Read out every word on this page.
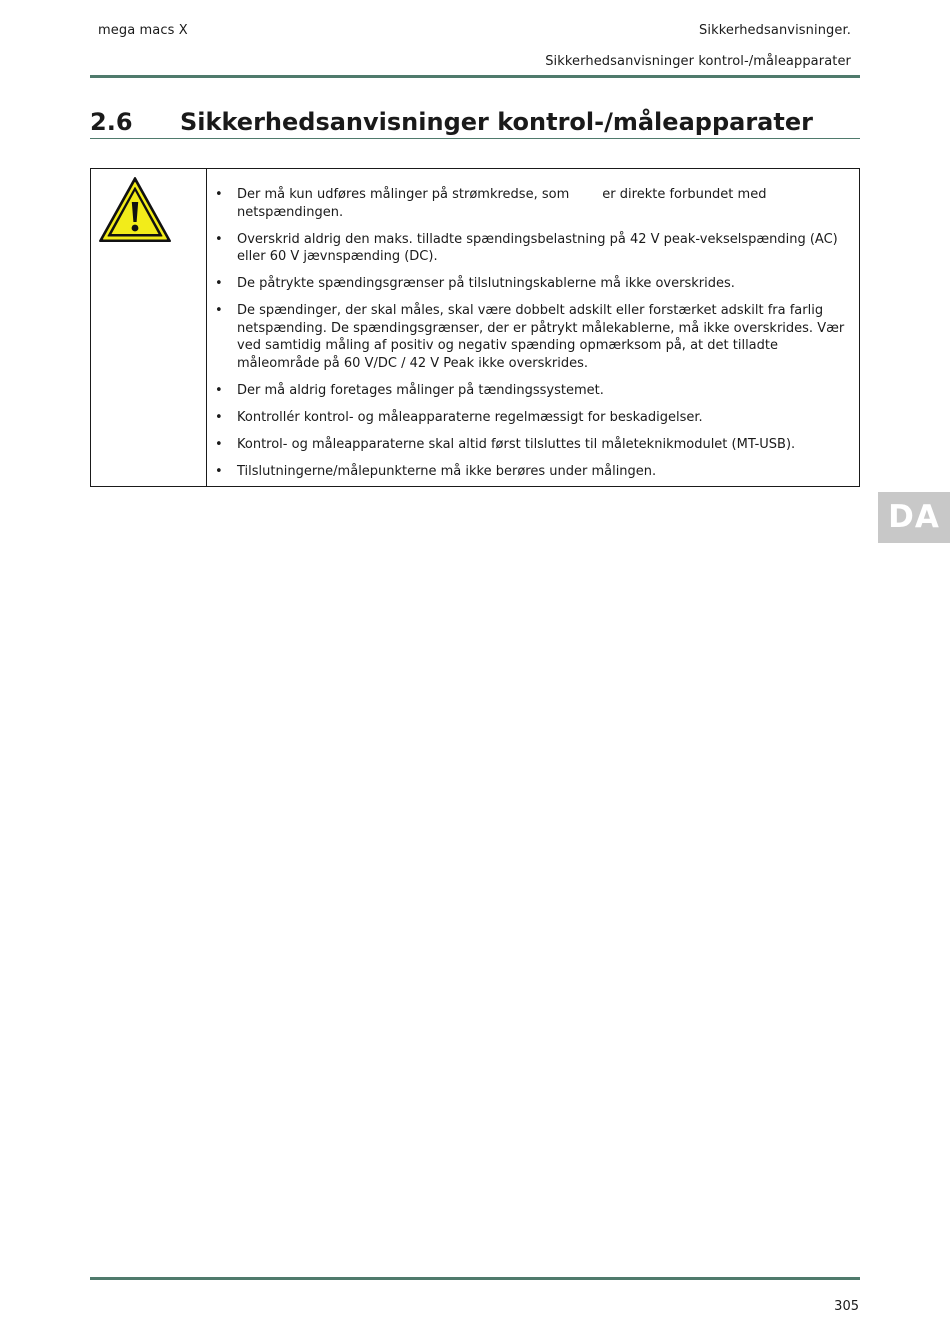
mega macs X	Sikkerhedsanvisninger.
Sikkerhedsanvisninger kontrol-/måleapparater
2.6 Sikkerhedsanvisninger kontrol-/måleapparater
• Der må kun udføres målinger på strømkredse, som        er direkte forbundet med netspændingen.
• Overskrid aldrig den maks. tilladte spændingsbelastning på 42 V peak-vekselspænding (AC) eller 60 V jævnspænding (DC).
• De påtrykte spændingsgrænser på tilslutningskablerne må ikke overskrides.
• De spændinger, der skal måles, skal være dobbelt adskilt eller forstærket adskilt fra farlig netspænding. De spændingsgrænser, der er påtrykt målekablerne, må ikke overskrides. Vær ved samtidig måling af positiv og negativ spænding opmærksom på, at det tilladte måleområde på 60 V/DC / 42 V Peak ikke overskrides.
• Der må aldrig foretages målinger på tændingssystemet.
• Kontrollér kontrol- og måleapparaterne regelmæssigt for beskadigelser.
• Kontrol- og måleapparaterne skal altid først tilsluttes til måleteknikmodulet (MT-USB).
• Tilslutningerne/målepunkterne må ikke berøres under målingen.
DA
305
